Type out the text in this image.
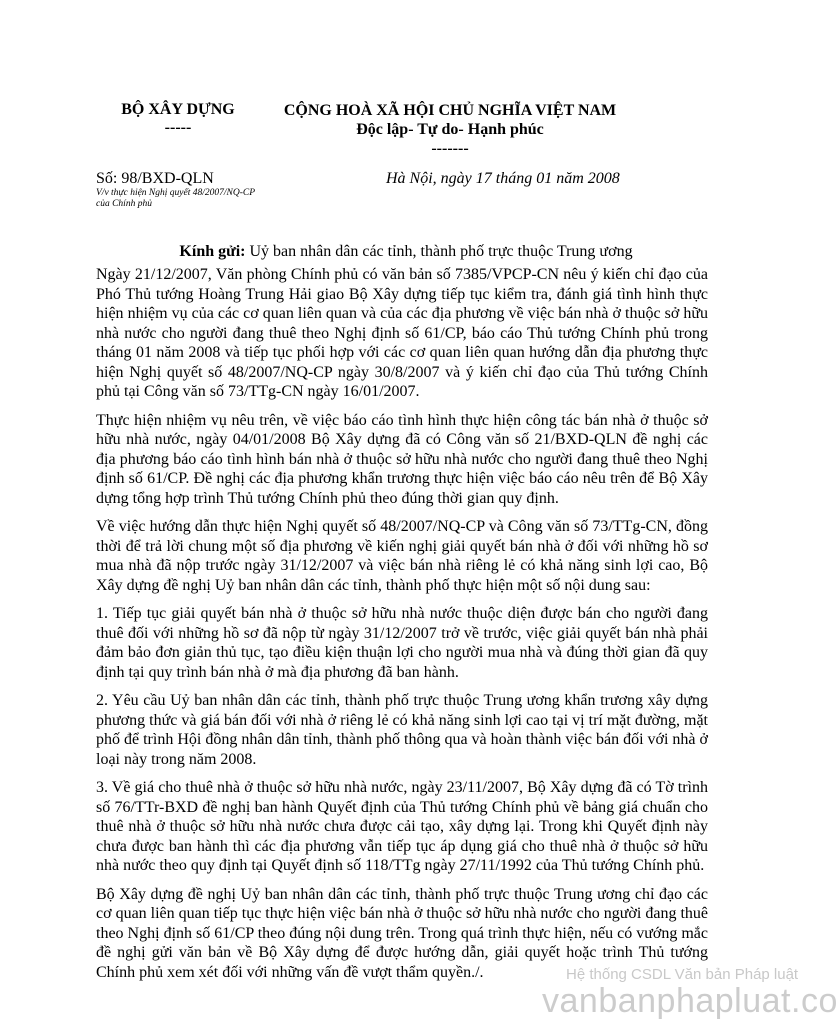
BỘ XÂY DỰNG
-----
CỘNG HOÀ XÃ HỘI CHỦ NGHĨA VIỆT NAM
Độc lập- Tự do- Hạnh phúc
-------
Số: 98/BXD-QLN
V/v thực hiện Nghị quyết 48/2007/NQ-CP của Chính phủ
Hà Nội, ngày 17 tháng 01 năm 2008
Kính gửi: Uỷ ban nhân dân các tỉnh, thành phố trực thuộc Trung ương

Ngày 21/12/2007, Văn phòng Chính phủ có văn bản số 7385/VPCP-CN nêu ý kiến chỉ đạo của Phó Thủ tướng Hoàng Trung Hải giao Bộ Xây dựng tiếp tục kiểm tra, đánh giá tình hình thực hiện nhiệm vụ của các cơ quan liên quan và của các địa phương về việc bán nhà ở thuộc sở hữu nhà nước cho người đang thuê theo Nghị định số 61/CP, báo cáo Thủ tướng Chính phủ trong tháng 01 năm 2008 và tiếp tục phối hợp với các cơ quan liên quan hướng dẫn địa phương thực hiện Nghị quyết số 48/2007/NQ-CP ngày 30/8/2007 và ý kiến chỉ đạo của Thủ tướng Chính phủ tại Công văn số 73/TTg-CN ngày 16/01/2007.

Thực hiện nhiệm vụ nêu trên, về việc báo cáo tình hình thực hiện công tác bán nhà ở thuộc sở hữu nhà nước, ngày 04/01/2008 Bộ Xây dựng đã có Công văn số 21/BXD-QLN đề nghị các địa phương báo cáo tình hình bán nhà ở thuộc sở hữu nhà nước cho người đang thuê theo Nghị định số 61/CP. Đề nghị các địa phương khẩn trương thực hiện việc báo cáo nêu trên để Bộ Xây dựng tổng hợp trình Thủ tướng Chính phủ theo đúng thời gian quy định.

Về việc hướng dẫn thực hiện Nghị quyết số 48/2007/NQ-CP và Công văn số 73/TTg-CN, đồng thời để trả lời chung một số địa phương về kiến nghị giải quyết bán nhà ở đối với những hồ sơ mua nhà đã nộp trước ngày 31/12/2007 và việc bán nhà riêng lẻ có khả năng sinh lợi cao, Bộ Xây dựng đề nghị Uỷ ban nhân dân các tỉnh, thành phố thực hiện một số nội dung sau:

1. Tiếp tục giải quyết bán nhà ở thuộc sở hữu nhà nước thuộc diện được bán cho người đang thuê đối với những hồ sơ đã nộp từ ngày 31/12/2007 trở về trước, việc giải quyết bán nhà phải đảm bảo đơn giản thủ tục, tạo điều kiện thuận lợi cho người mua nhà và đúng thời gian đã quy định tại quy trình bán nhà ở mà địa phương đã ban hành.

2. Yêu cầu Uỷ ban nhân dân các tỉnh, thành phố trực thuộc Trung ương khẩn trương xây dựng phương thức và giá bán đối với nhà ở riêng lẻ có khả năng sinh lợi cao tại vị trí mặt đường, mặt phố để trình Hội đồng nhân dân tỉnh, thành phố thông qua và hoàn thành việc bán đối với nhà ở loại này trong năm 2008.

3. Về giá cho thuê nhà ở thuộc sở hữu nhà nước, ngày 23/11/2007, Bộ Xây dựng đã có Tờ trình số 76/TTr-BXD đề nghị ban hành Quyết định của Thủ tướng Chính phủ về bảng giá chuẩn cho thuê nhà ở thuộc sở hữu nhà nước chưa được cải tạo, xây dựng lại. Trong khi Quyết định này chưa được ban hành thì các địa phương vẫn tiếp tục áp dụng giá cho thuê nhà ở thuộc sở hữu nhà nước theo quy định tại Quyết định số 118/TTg ngày 27/11/1992 của Thủ tướng Chính phủ.

Bộ Xây dựng đề nghị Uỷ ban nhân dân các tỉnh, thành phố trực thuộc Trung ương chỉ đạo các cơ quan liên quan tiếp tục thực hiện việc bán nhà ở thuộc sở hữu nhà nước cho người đang thuê theo Nghị định số 61/CP theo đúng nội dung trên. Trong quá trình thực hiện, nếu có vướng mắc đề nghị gửi văn bản về Bộ Xây dựng để được hướng dẫn, giải quyết hoặc trình Thủ tướng Chính phủ xem xét đối với những vấn đề vượt thẩm quyền./.	Hệ thống CSDL Văn bản Pháp luật
vanbanphapluat.co
